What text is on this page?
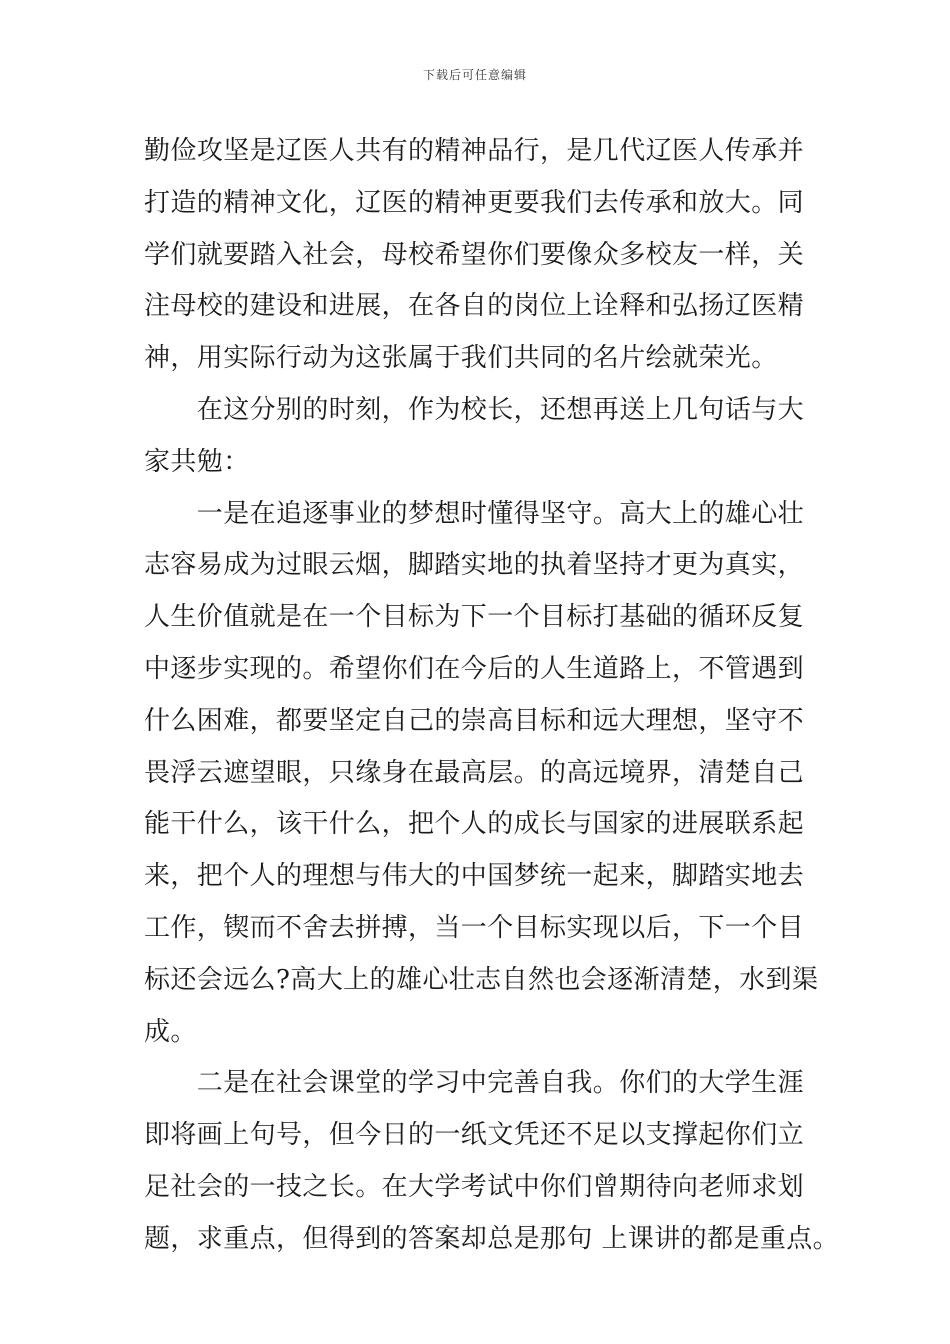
下载后可任意编辑
勤俭攻坚是辽医人共有的精神品行，是几代辽医人传承并
打造的精神文化，辽医的精神更要我们去传承和放大。同
学们就要踏入社会，母校希望你们要像众多校友一样，关
注母校的建设和进展，在各自的岗位上诠释和弘扬辽医精
神，用实际行动为这张属于我们共同的名片绘就荣光。
　　在这分别的时刻，作为校长，还想再送上几句话与大
家共勉：
　　一是在追逐事业的梦想时懂得坚守。高大上的雄心壮
志容易成为过眼云烟，脚踏实地的执着坚持才更为真实，
人生价值就是在一个目标为下一个目标打基础的循环反复
中逐步实现的。希望你们在今后的人生道路上，不管遇到
什么困难，都要坚定自己的崇高目标和远大理想，坚守不
畏浮云遮望眼，只缘身在最高层。的高远境界，清楚自己
能干什么，该干什么，把个人的成长与国家的进展联系起
来，把个人的理想与伟大的中国梦统一起来，脚踏实地去
工作，锲而不舍去拼搏，当一个目标实现以后，下一个目
标还会远么?高大上的雄心壮志自然也会逐渐清楚，水到渠
成。
　　二是在社会课堂的学习中完善自我。你们的大学生涯
即将画上句号，但今日的一纸文凭还不足以支撑起你们立
足社会的一技之长。在大学考试中你们曾期待向老师求划
题，求重点，但得到的答案却总是那句 上课讲的都是重点。
